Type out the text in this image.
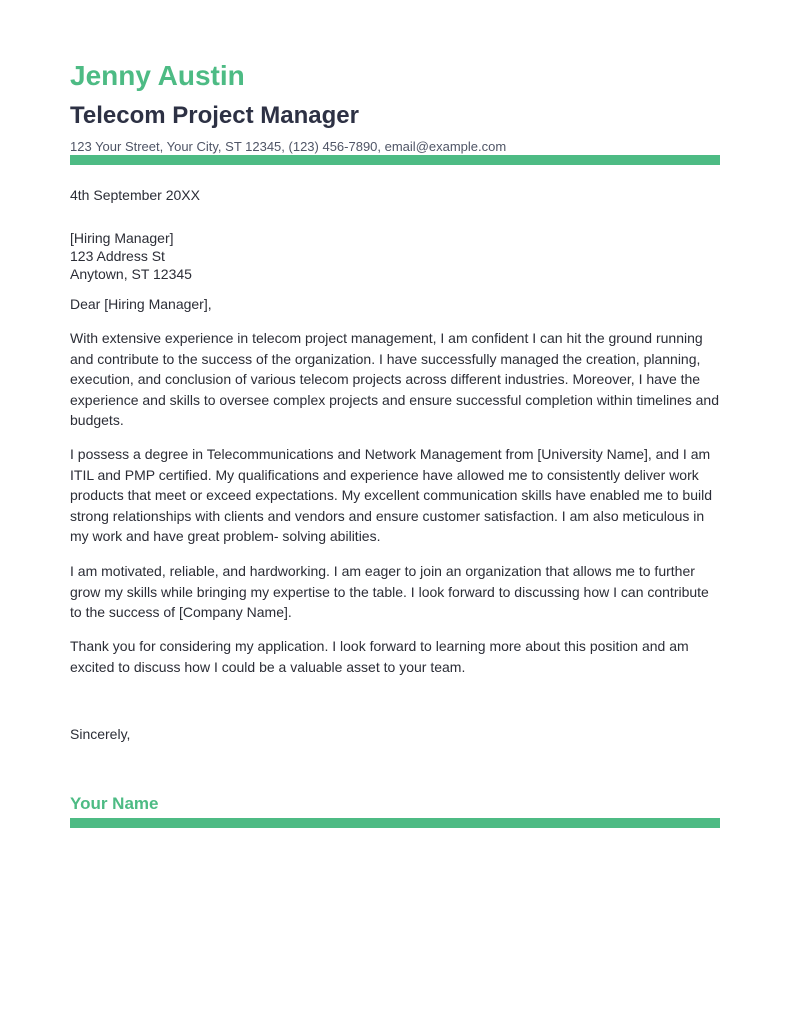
Jenny Austin
Telecom Project Manager
123 Your Street, Your City, ST 12345, (123) 456-7890, email@example.com
4th September 20XX
[Hiring Manager]
123 Address St
Anytown, ST 12345
Dear [Hiring Manager],

With extensive experience in telecom project management, I am confident I can hit the ground running and contribute to the success of the organization. I have successfully managed the creation, planning, execution, and conclusion of various telecom projects across different industries. Moreover, I have the experience and skills to oversee complex projects and ensure successful completion within timelines and budgets.

I possess a degree in Telecommunications and Network Management from [University Name], and I am ITIL and PMP certified. My qualifications and experience have allowed me to consistently deliver work products that meet or exceed expectations. My excellent communication skills have enabled me to build strong relationships with clients and vendors and ensure customer satisfaction. I am also meticulous in my work and have great problem- solving abilities.

I am motivated, reliable, and hardworking. I am eager to join an organization that allows me to further grow my skills while bringing my expertise to the table. I look forward to discussing how I can contribute to the success of [Company Name].

Thank you for considering my application. I look forward to learning more about this position and am excited to discuss how I could be a valuable asset to your team.

Sincerely,
Your Name
